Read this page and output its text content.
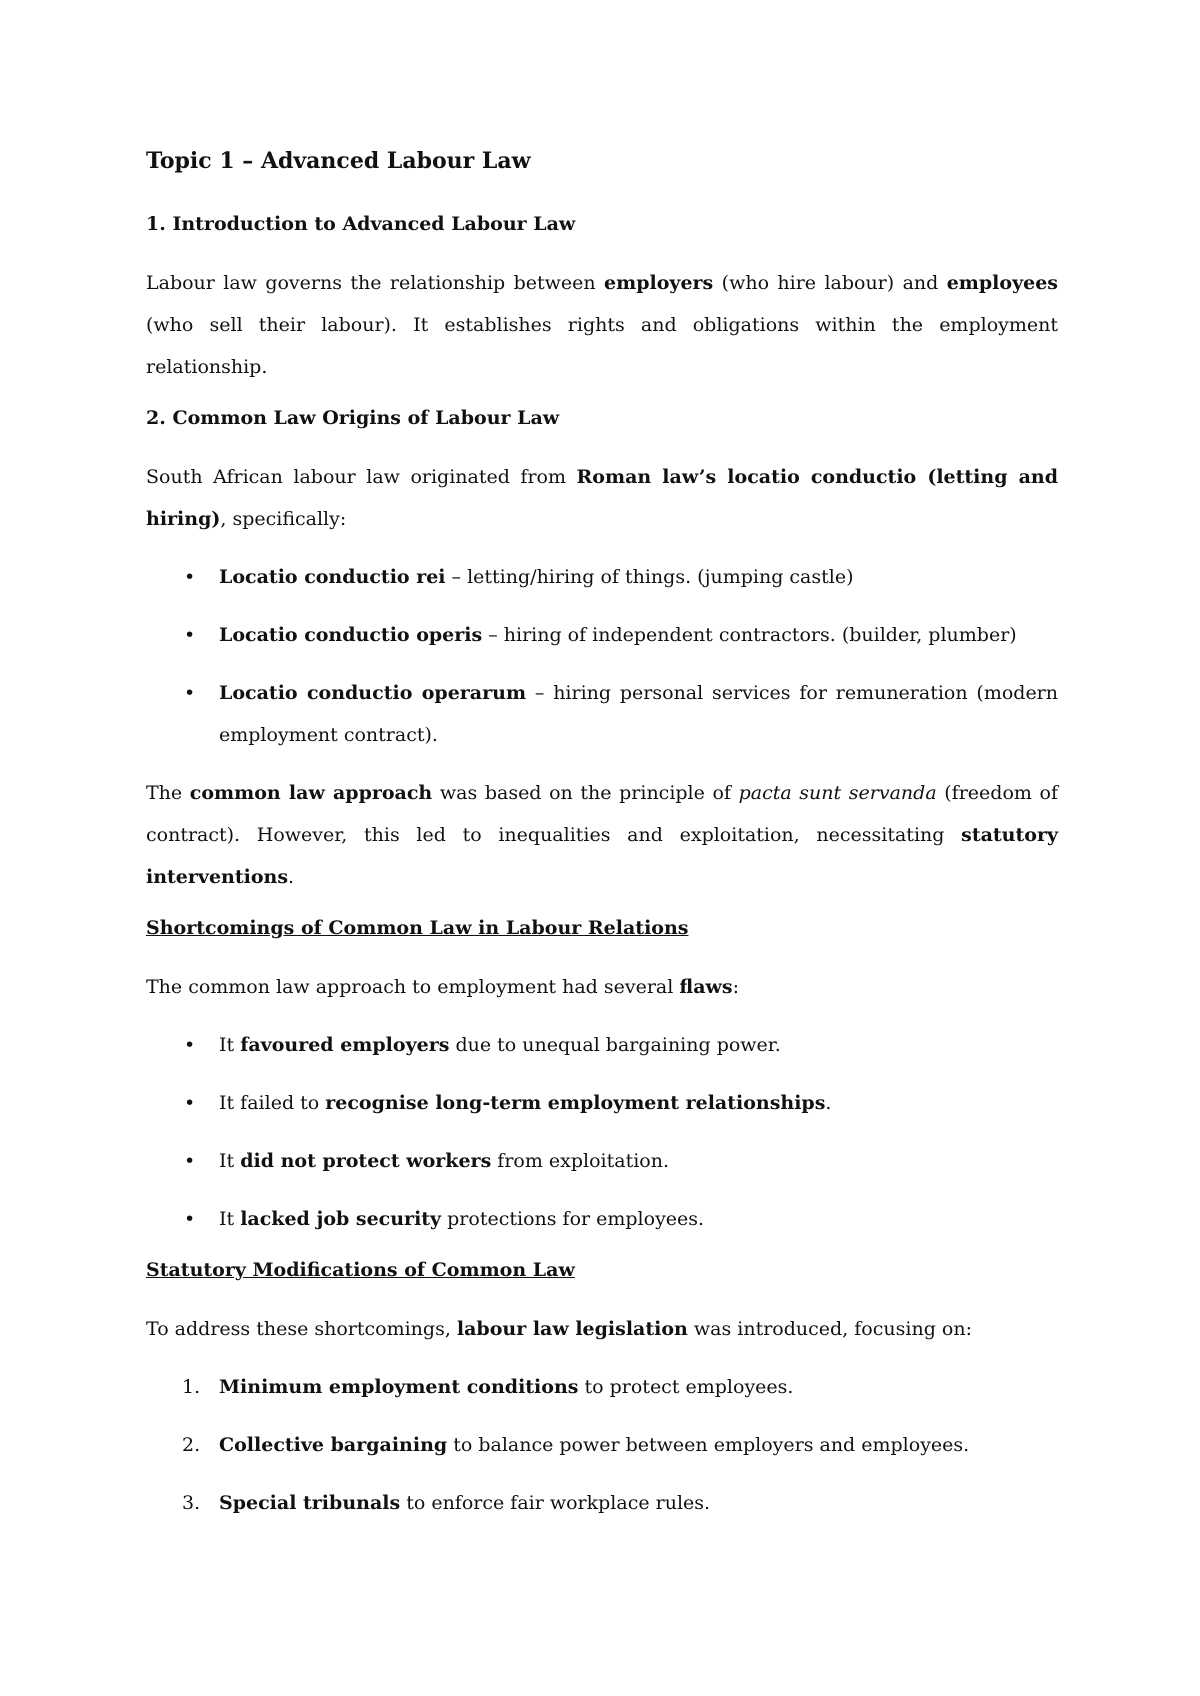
Topic 1 – Advanced Labour Law
1. Introduction to Advanced Labour Law

Labour law governs the relationship between employers (who hire labour) and employees (who sell their labour). It establishes rights and obligations within the employment relationship.

2. Common Law Origins of Labour Law

South African labour law originated from Roman law’s locatio conductio (letting and hiring), specifically:

• Locatio conductio rei – letting/hiring of things. (jumping castle)
• Locatio conductio operis – hiring of independent contractors. (builder, plumber)
• Locatio conductio operarum – hiring personal services for remuneration (modern employment contract).

The common law approach was based on the principle of pacta sunt servanda (freedom of contract). However, this led to inequalities and exploitation, necessitating statutory interventions.

Shortcomings of Common Law in Labour Relations

The common law approach to employment had several flaws:

• It favoured employers due to unequal bargaining power.
• It failed to recognise long-term employment relationships.
• It did not protect workers from exploitation.
• It lacked job security protections for employees.
Statutory Modifications of Common Law

To address these shortcomings, labour law legislation was introduced, focusing on:

1. Minimum employment conditions to protect employees.
2. Collective bargaining to balance power between employers and employees.
3. Special tribunals to enforce fair workplace rules.
